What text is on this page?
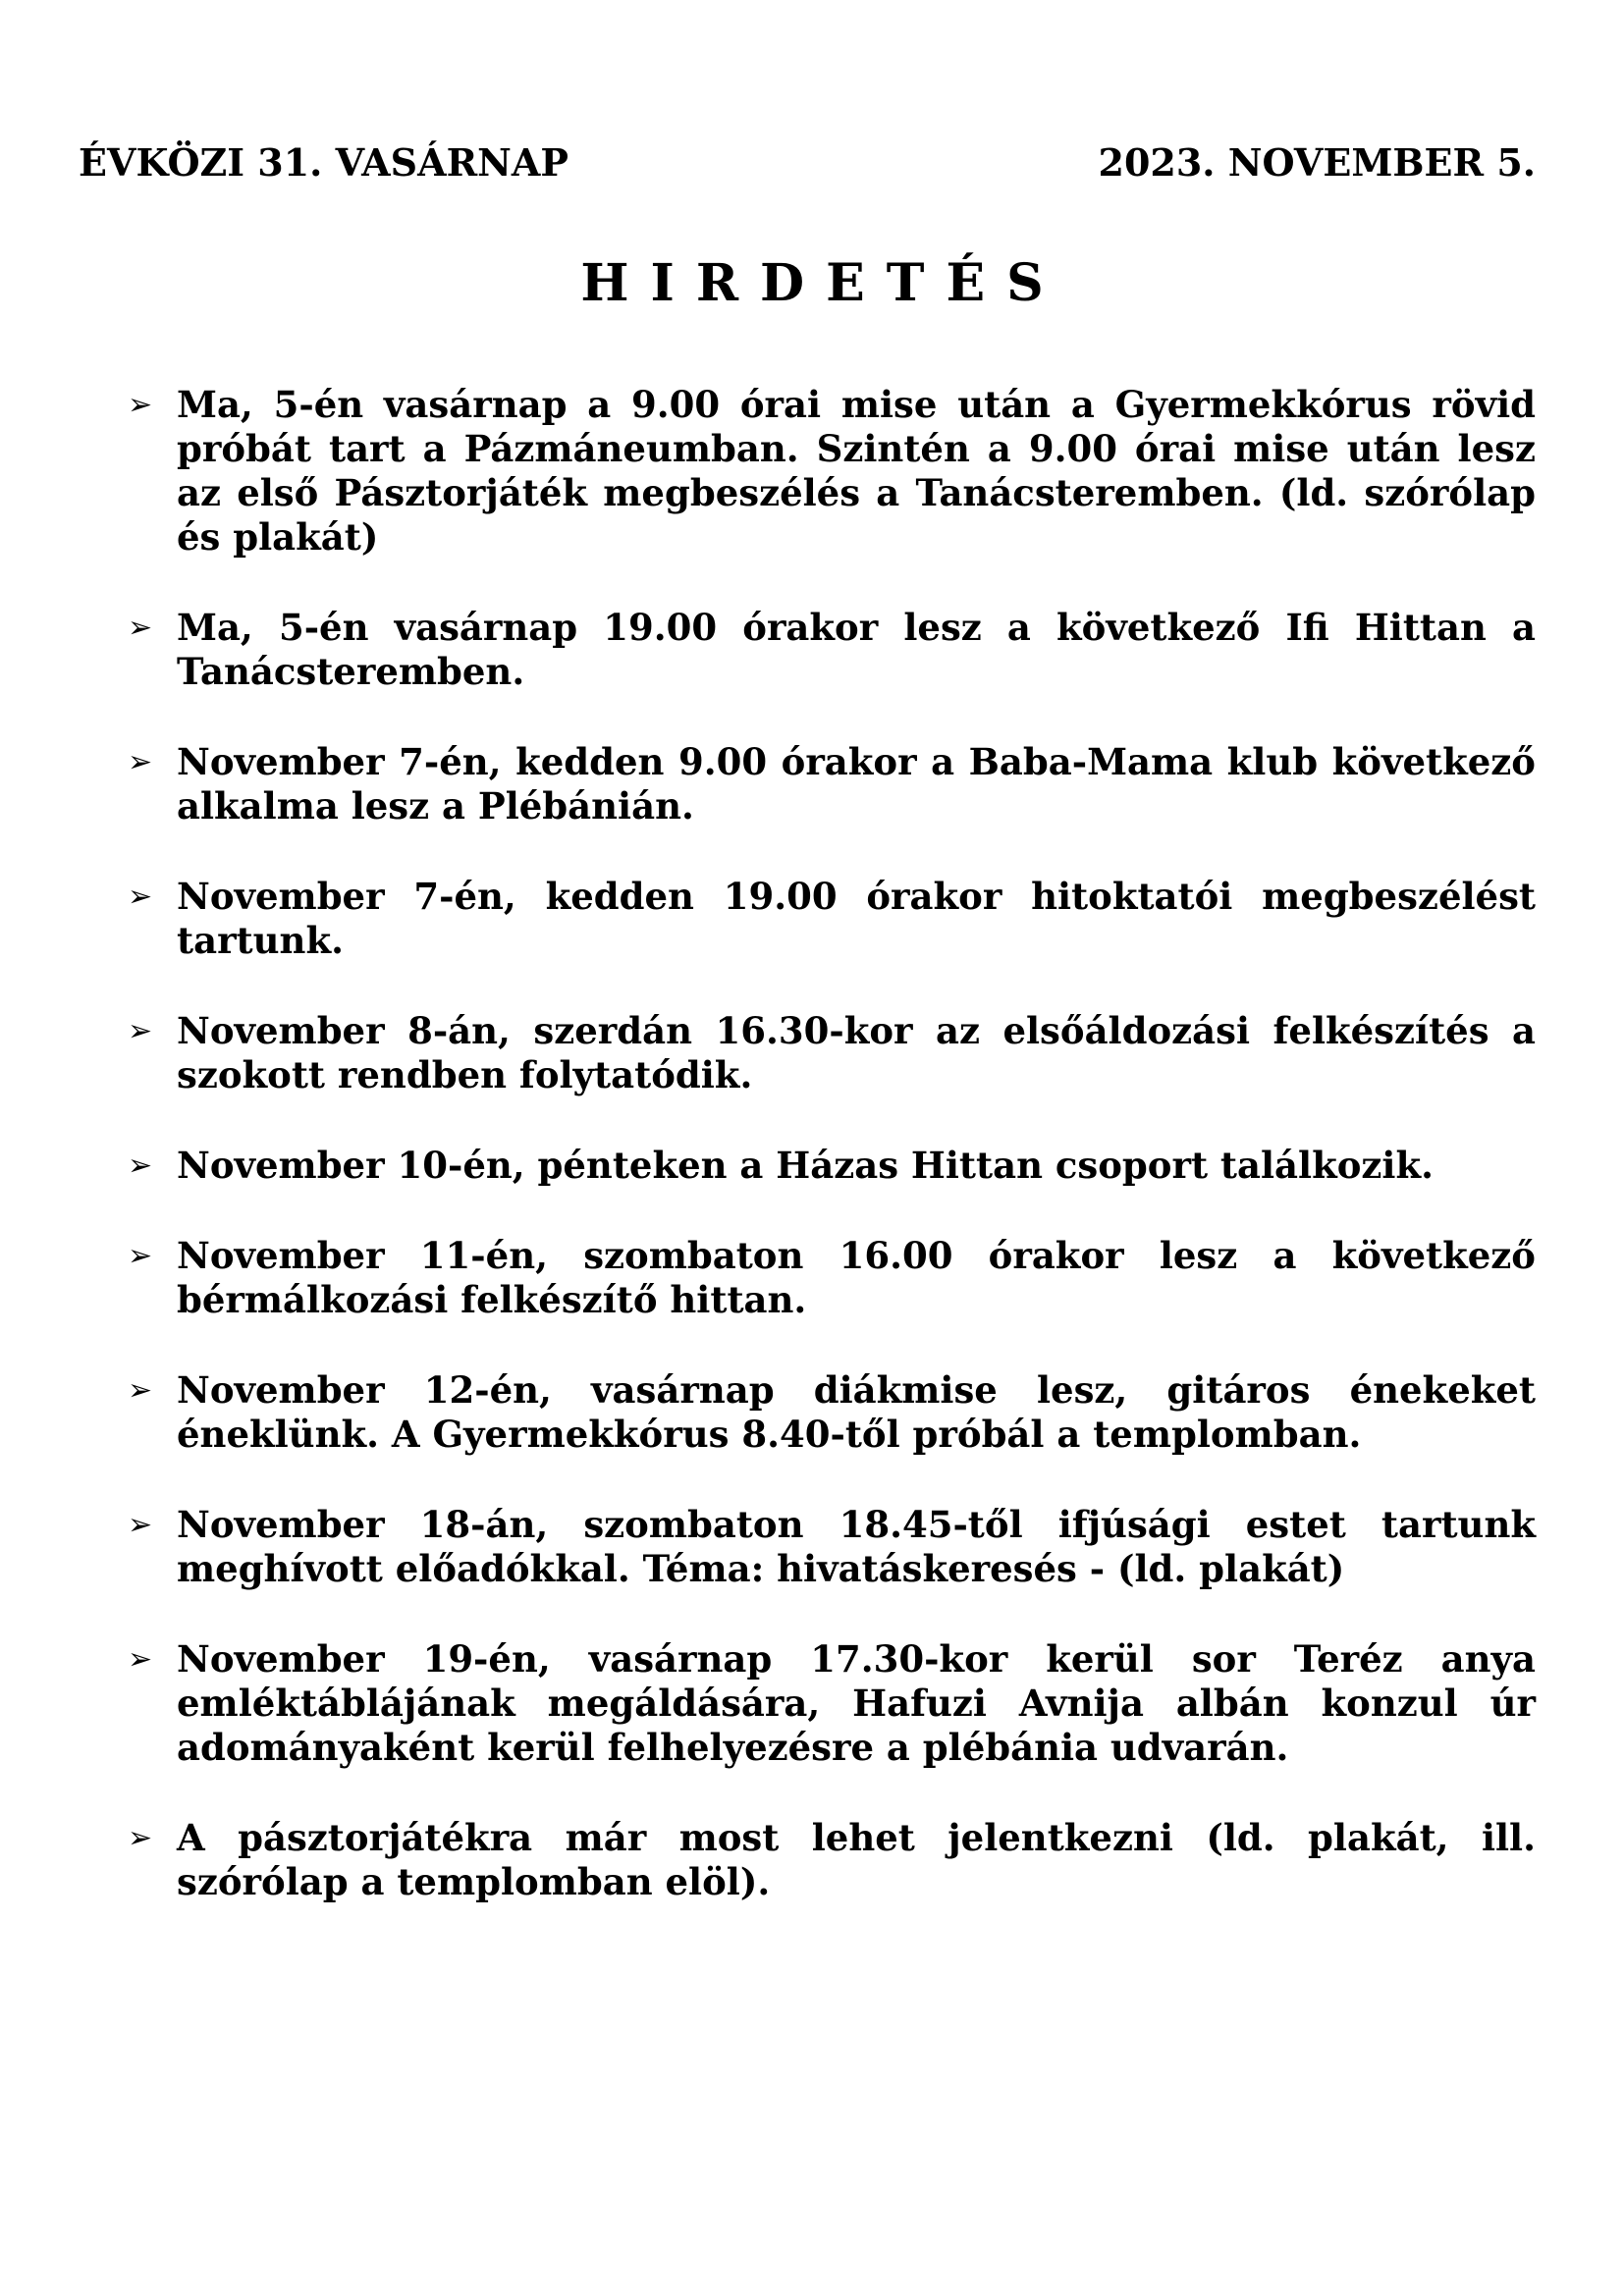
ÉVKÖZI 31. VASÁRNAP	2023. NOVEMBER 5.
HIRDETÉS
➢ Ma, 5-én vasárnap a 9.00 órai mise után a Gyermekkórus rövid próbát tart a Pázmáneumban. Szintén a 9.00 órai mise után lesz az első Pásztorjáték megbeszélés a Tanácsteremben. (ld. szórólap és plakát)
➢ Ma, 5-én vasárnap 19.00 órakor lesz a következő Ifi Hittan a Tanácsteremben.
➢ November 7-én, kedden 9.00 órakor a Baba-Mama klub következő alkalma lesz a Plébánián.
➢ November 7-én, kedden 19.00 órakor hitoktatói megbeszélést tartunk.
➢ November 8-án, szerdán 16.30-kor az elsőáldozási felkészítés a szokott rendben folytatódik.
➢ November 10-én, pénteken a Házas Hittan csoport találkozik.
➢ November 11-én, szombaton 16.00 órakor lesz a következő bérmálkozási felkészítő hittan.
➢ November 12-én, vasárnap diákmise lesz, gitáros énekeket éneklünk. A Gyermekkórus 8.40-től próbál a templomban.
➢ November 18-án, szombaton 18.45-től ifjúsági estet tartunk meghívott előadókkal. Téma: hivatáskeresés - (ld. plakát)
➢ November 19-én, vasárnap 17.30-kor kerül sor Teréz anya emléktáblájának megáldására, Hafuzi Avnija albán konzul úr adományaként kerül felhelyezésre a plébánia udvarán.
➢ A pásztorjátékra már most lehet jelentkezni (ld. plakát, ill. szórólap a templomban elöl).
